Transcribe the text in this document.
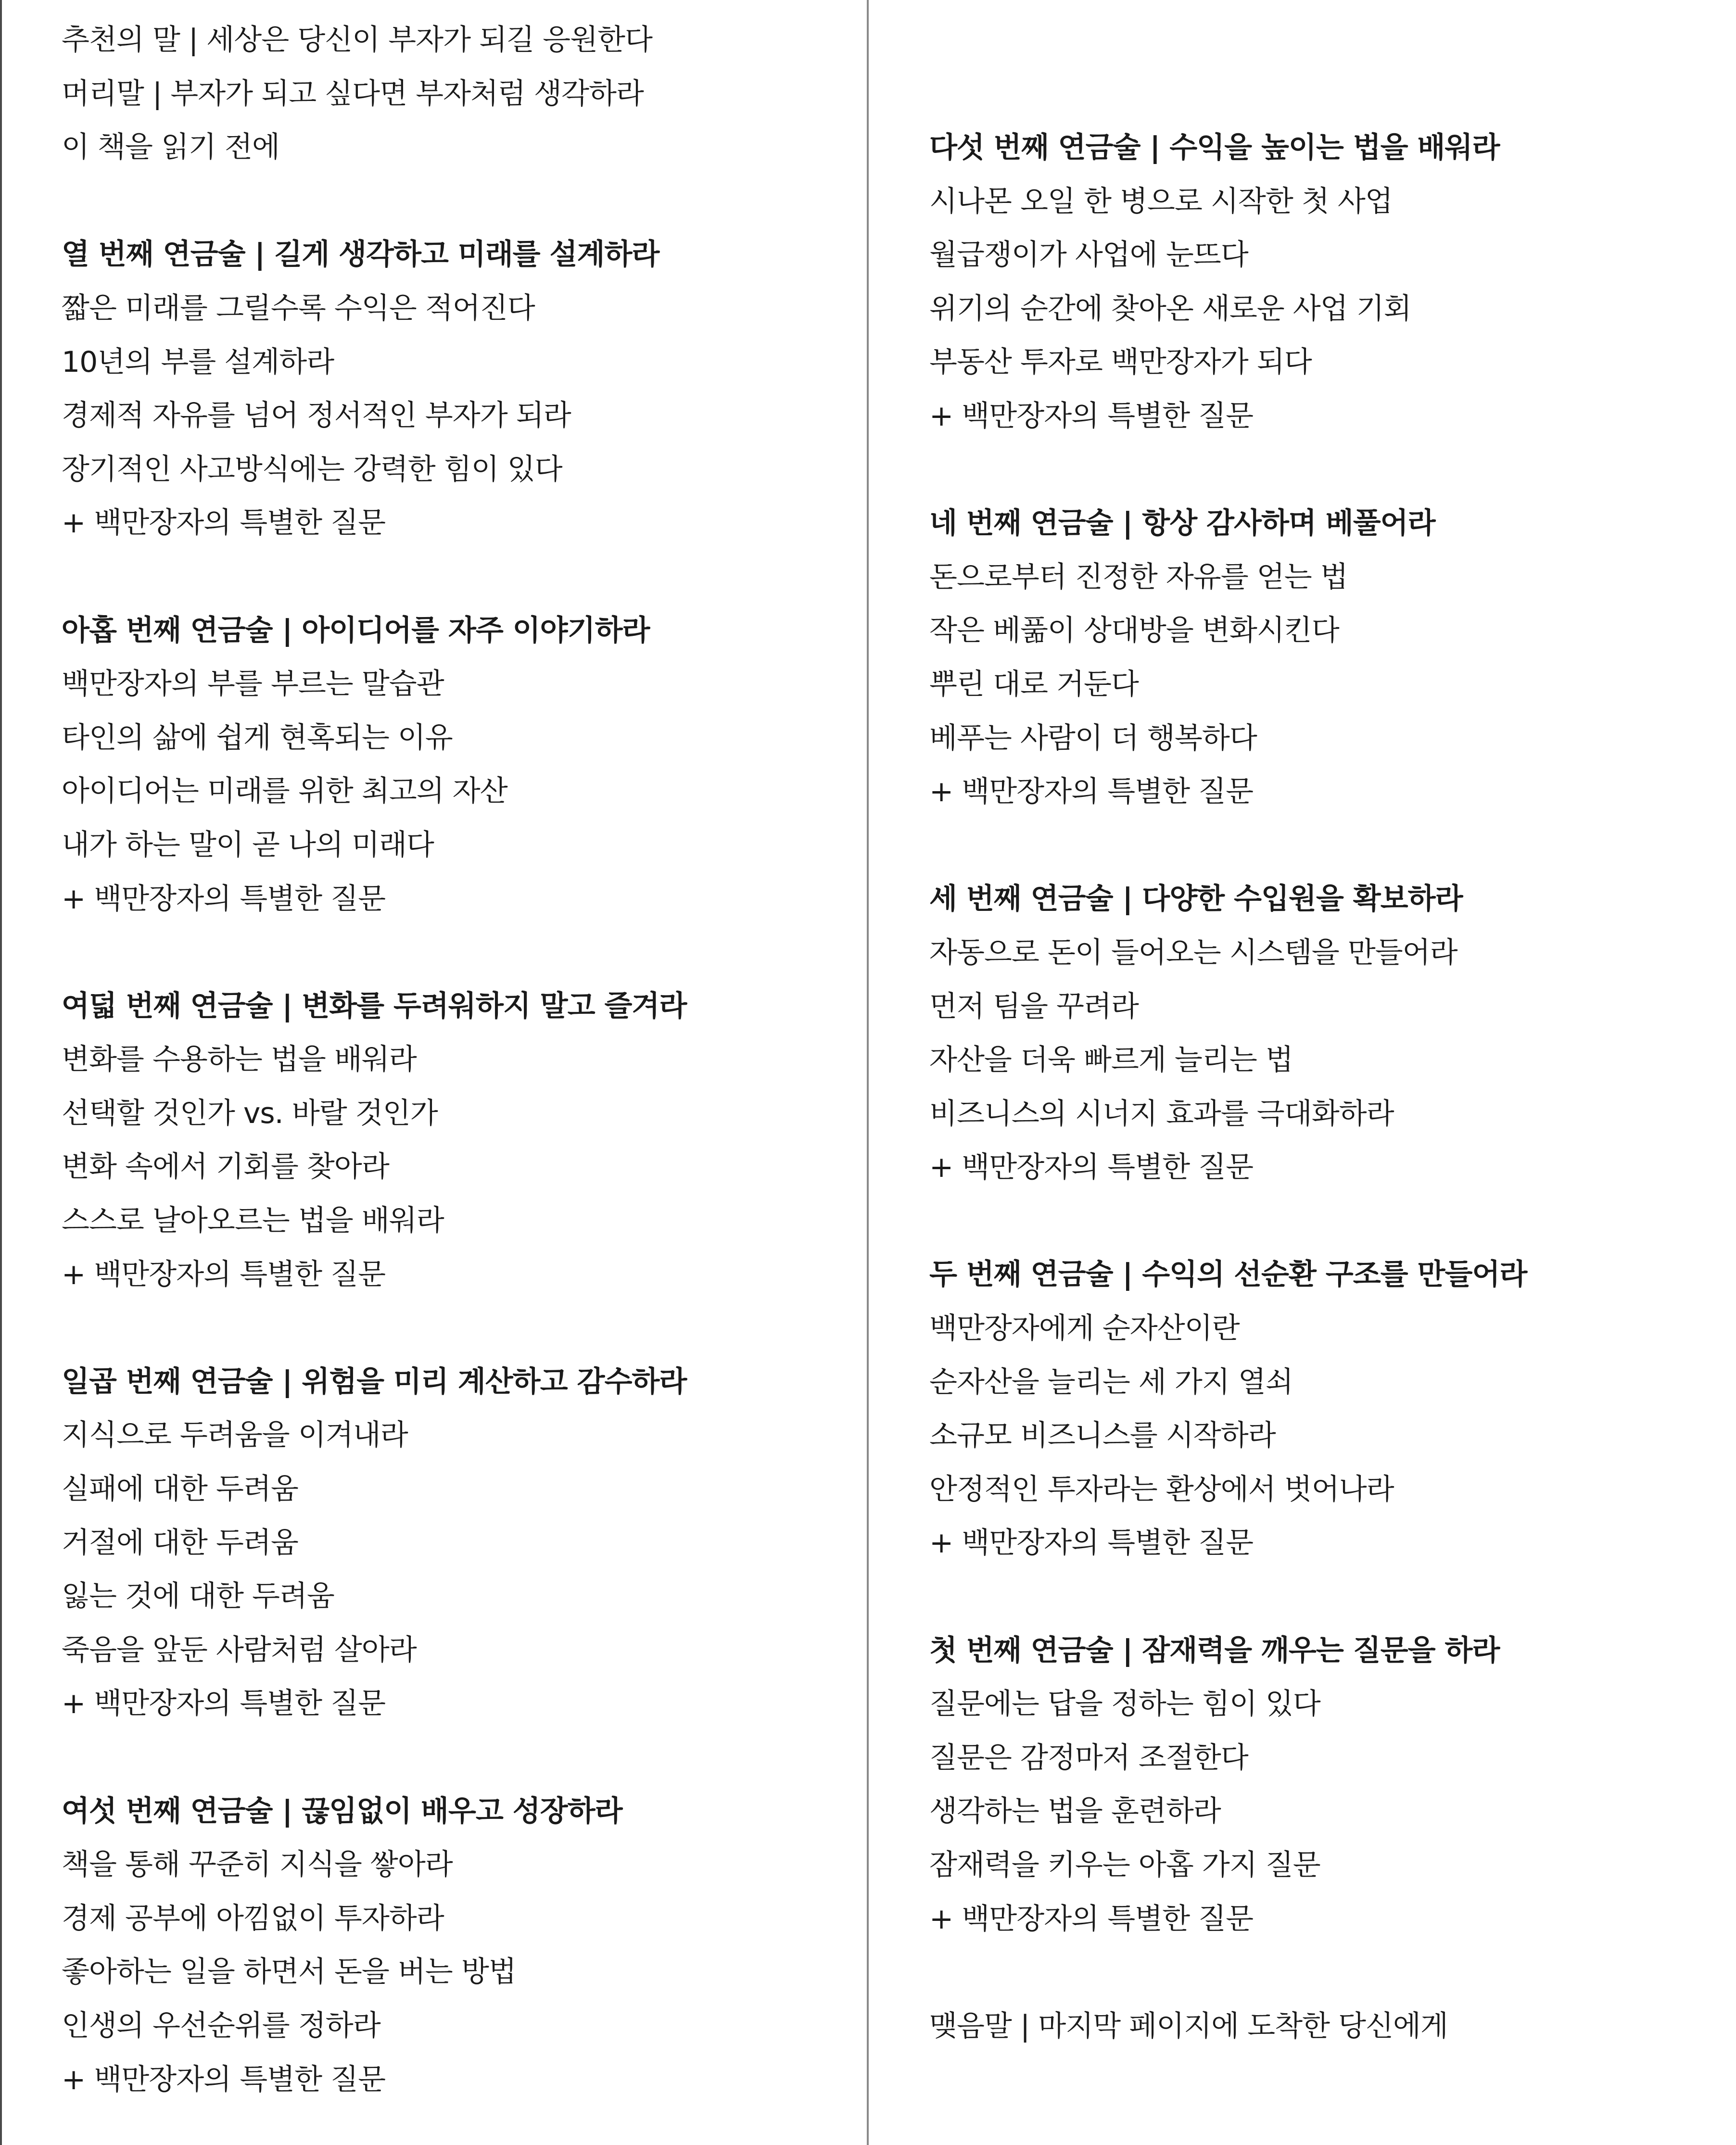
추천의 말 | 세상은 당신이 부자가 되길 응원한다
머리말 | 부자가 되고 싶다면 부자처럼 생각하라
이 책을 읽기 전에
열 번째 연금술 | 길게 생각하고 미래를 설계하라
짧은 미래를 그릴수록 수익은 적어진다
10년의 부를 설계하라
경제적 자유를 넘어 정서적인 부자가 되라
장기적인 사고방식에는 강력한 힘이 있다
+ 백만장자의 특별한 질문
아홉 번째 연금술 | 아이디어를 자주 이야기하라
백만장자의 부를 부르는 말습관
타인의 삶에 쉽게 현혹되는 이유
아이디어는 미래를 위한 최고의 자산
내가 하는 말이 곧 나의 미래다
+ 백만장자의 특별한 질문
여덟 번째 연금술 | 변화를 두려워하지 말고 즐겨라
변화를 수용하는 법을 배워라
선택할 것인가 vs. 바랄 것인가
변화 속에서 기회를 찾아라
스스로 날아오르는 법을 배워라
+ 백만장자의 특별한 질문
일곱 번째 연금술 | 위험을 미리 계산하고 감수하라
지식으로 두려움을 이겨내라
실패에 대한 두려움
거절에 대한 두려움
잃는 것에 대한 두려움
죽음을 앞둔 사람처럼 살아라
+ 백만장자의 특별한 질문
여섯 번째 연금술 | 끊임없이 배우고 성장하라
책을 통해 꾸준히 지식을 쌓아라
경제 공부에 아낌없이 투자하라
좋아하는 일을 하면서 돈을 버는 방법
인생의 우선순위를 정하라
+ 백만장자의 특별한 질문
다섯 번째 연금술 | 수익을 높이는 법을 배워라
시나몬 오일 한 병으로 시작한 첫 사업
월급쟁이가 사업에 눈뜨다
위기의 순간에 찾아온 새로운 사업 기회
부동산 투자로 백만장자가 되다
+ 백만장자의 특별한 질문
네 번째 연금술 | 항상 감사하며 베풀어라
돈으로부터 진정한 자유를 얻는 법
작은 베풂이 상대방을 변화시킨다
뿌린 대로 거둔다
베푸는 사람이 더 행복하다
+ 백만장자의 특별한 질문
세 번째 연금술 | 다양한 수입원을 확보하라
자동으로 돈이 들어오는 시스템을 만들어라
먼저 팀을 꾸려라
자산을 더욱 빠르게 늘리는 법
비즈니스의 시너지 효과를 극대화하라
+ 백만장자의 특별한 질문
두 번째 연금술 | 수익의 선순환 구조를 만들어라
백만장자에게 순자산이란
순자산을 늘리는 세 가지 열쇠
소규모 비즈니스를 시작하라
안정적인 투자라는 환상에서 벗어나라
+ 백만장자의 특별한 질문
첫 번째 연금술 | 잠재력을 깨우는 질문을 하라
질문에는 답을 정하는 힘이 있다
질문은 감정마저 조절한다
생각하는 법을 훈련하라
잠재력을 키우는 아홉 가지 질문
+ 백만장자의 특별한 질문
맺음말 | 마지막 페이지에 도착한 당신에게
